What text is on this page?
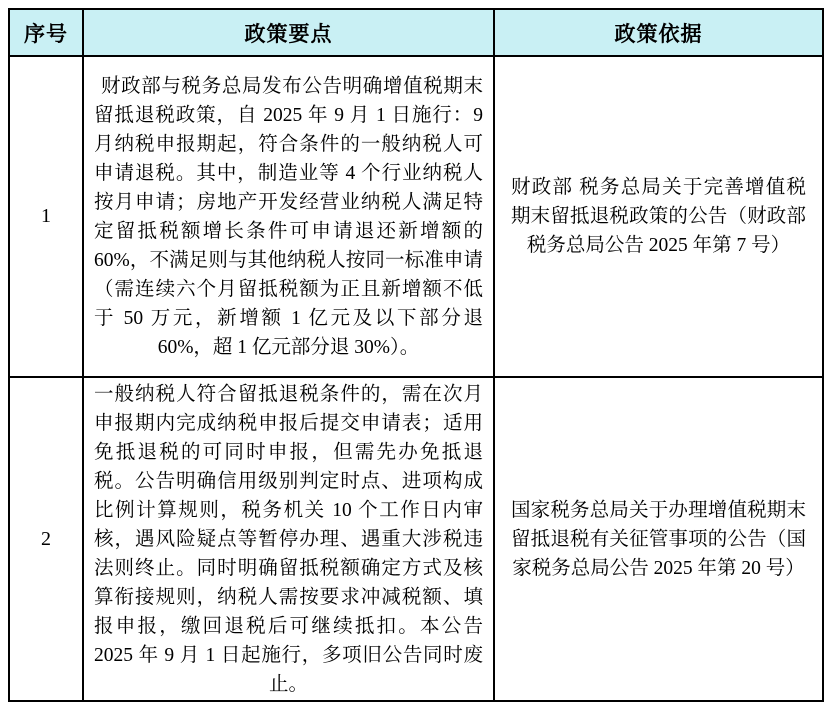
序号	政策要点	政策依据
1	财政部与税务总局发布公告明确增值税期末留抵退税政策，自 2025 年 9 月 1 日施行：9 月纳税申报期起，符合条件的一般纳税人可申请退税。其中，制造业等 4 个行业纳税人按月申请；房地产开发经营业纳税人满足特定留抵税额增长条件可申请退还新增额的 60%，不满足则与其他纳税人按同一标准申请（需连续六个月留抵税额为正且新增额不低于 50 万元，新增额 1 亿元及以下部分退 60%，超 1 亿元部分退 30%）。	财政部 税务总局关于完善增值税期末留抵退税政策的公告（财政部 税务总局公告 2025 年第 7 号）

2	一般纳税人符合留抵退税条件的，需在次月申报期内完成纳税申报后提交申请表；适用免抵退税的可同时申报，但需先办免抵退税。公告明确信用级别判定时点、进项构成比例计算规则，税务机关 10 个工作日内审核，遇风险疑点等暂停办理、遇重大涉税违法则终止。同时明确留抵税额确定方式及核算衔接规则，纳税人需按要求冲减税额、填报申报，缴回退税后可继续抵扣。本公告 2025 年 9 月 1 日起施行，多项旧公告同时废止。	国家税务总局关于办理增值税期末留抵退税有关征管事项的公告（国家税务总局公告 2025 年第 20 号）
